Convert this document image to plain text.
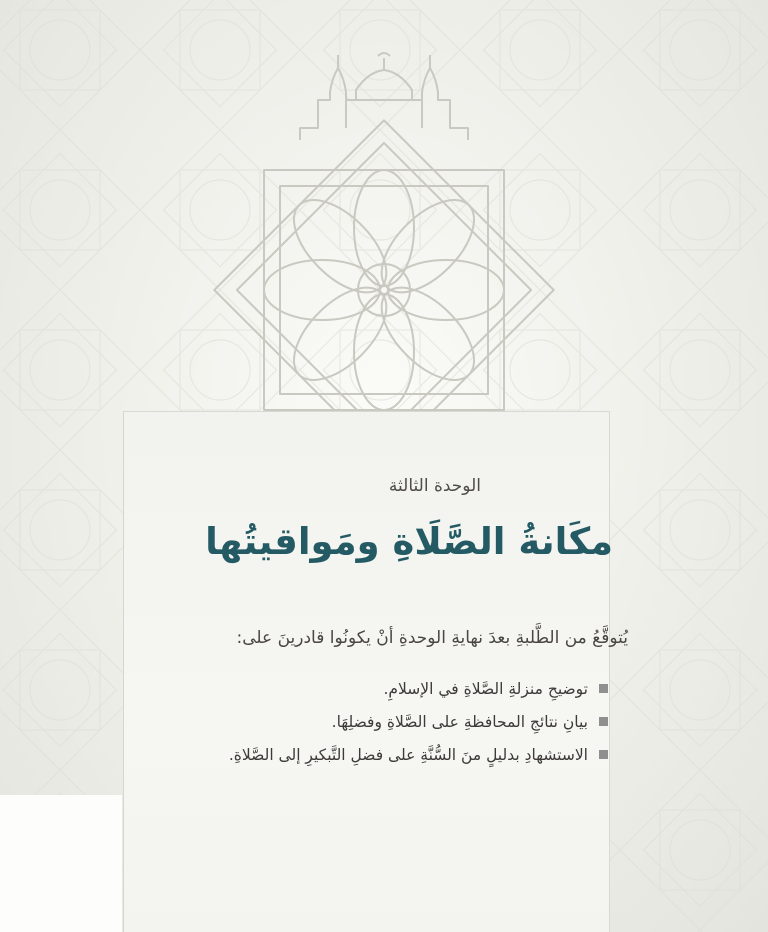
الوحدة الثالثة
مكَانةُ الصَّلَاةِ ومَواقيتُها
يُتوقَّعُ من الطَّلبةِ بعدَ نهايةِ الوحدةِ أنْ يكونُوا قادرينَ على:
توضيحِ منزلةِ الصَّلاةِ في الإسلامِ.
بيانِ نتائجِ المحافظةِ على الصَّلاةِ وفضلِهَا.
الاستشهادِ بدليلٍ منَ السُّنَّةِ على فضلِ التَّبكيرِ إلى الصَّلاةِ.
